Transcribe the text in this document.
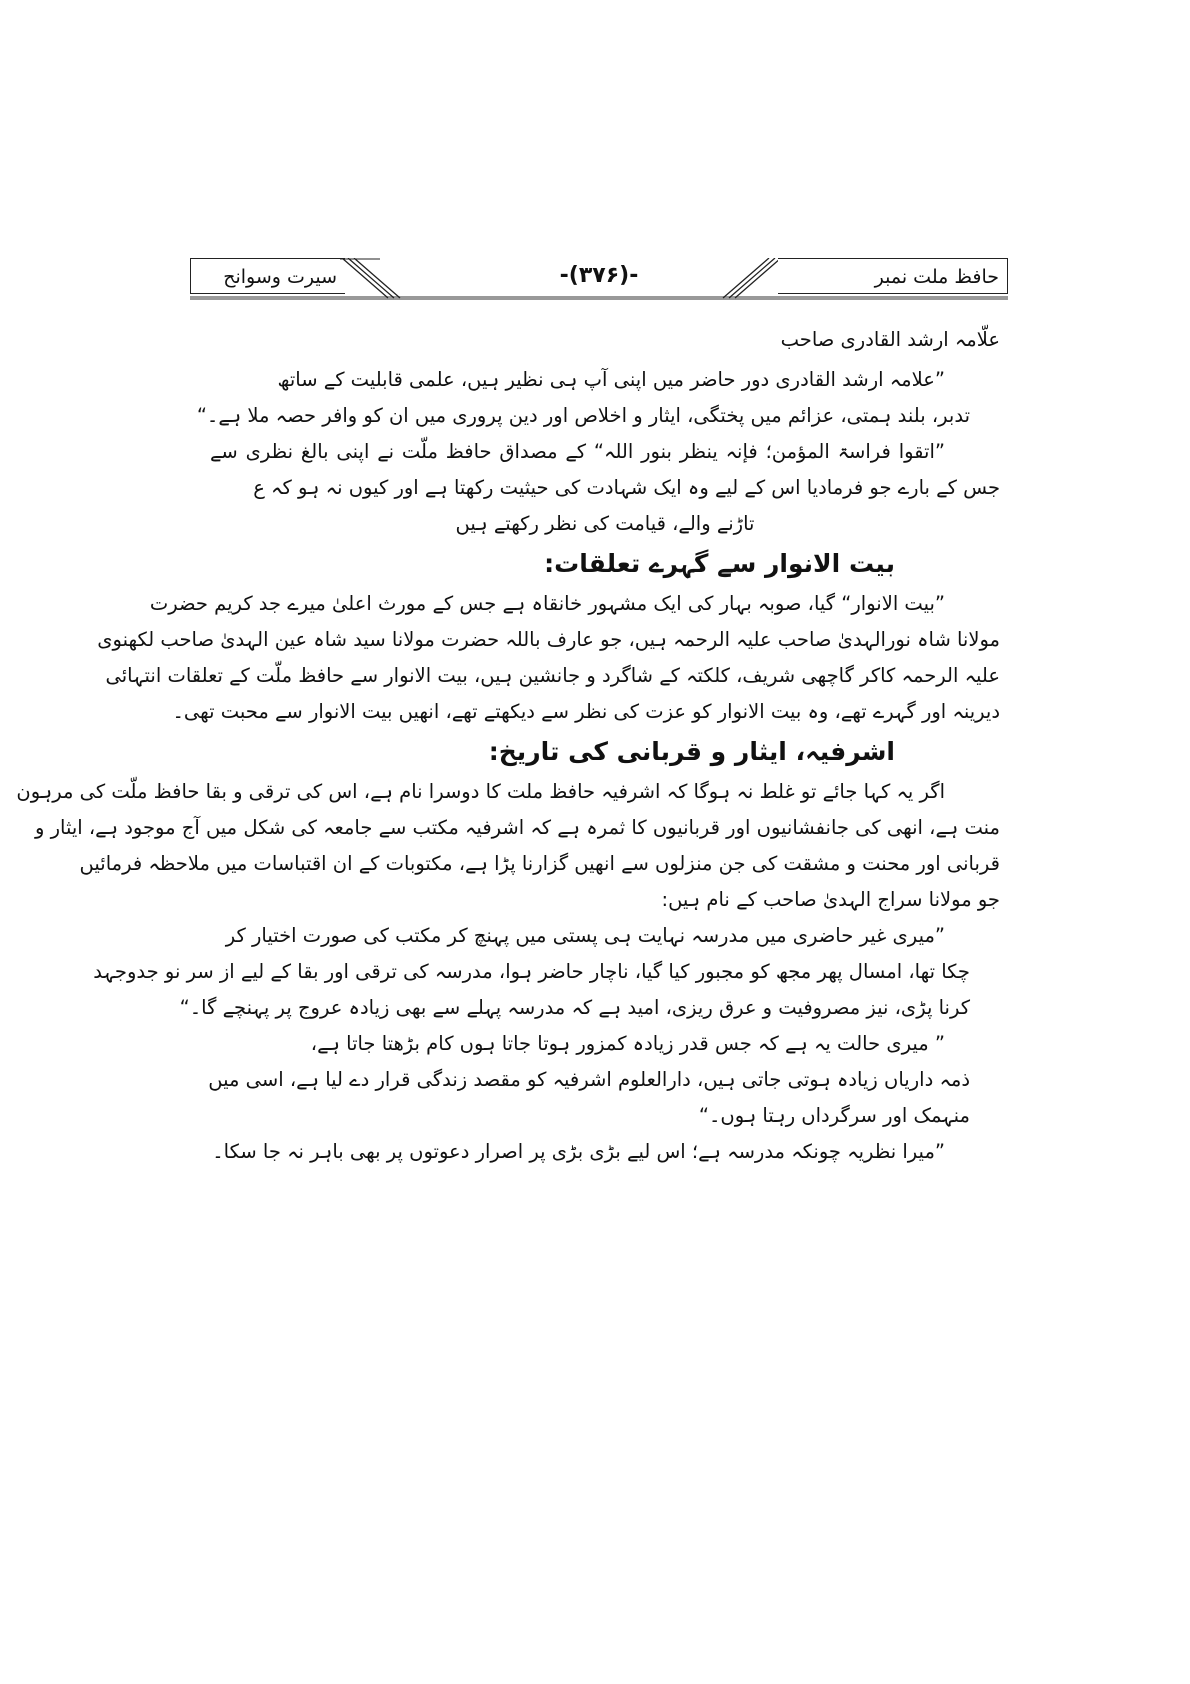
سیرت وسوانح	-(۳۷۶)-	حافظ ملت نمبر
علّامہ ارشد القادری صاحب
”علامہ ارشد القادری دور حاضر میں اپنی آپ ہی نظیر ہیں، علمی قابلیت کے ساتھ
تدبر، بلند ہمتی، عزائم میں پختگی، ایثار و اخلاص اور دین پروری میں ان کو وافر حصہ ملا ہے۔“
”اتقوا فراسۃ المؤمن؛ فإنہ ینظر بنور اللہ“ کے مصداق حافظ ملّت نے اپنی بالغ نظری سے
جس کے بارے جو فرمادیا اس کے لیے وہ ایک شہادت کی حیثیت رکھتا ہے اور کیوں نہ ہو کہ ع
تاڑنے والے، قیامت کی نظر رکھتے ہیں
بیت الانوار سے گہرے تعلقات:
”بیت الانوار“ گیا، صوبہ بہار کی ایک مشہور خانقاہ ہے جس کے مورث اعلیٰ میرے جد کریم حضرت
مولانا شاہ نورالہدیٰ صاحب علیہ الرحمہ ہیں، جو عارف باللہ حضرت مولانا سید شاہ عین الہدیٰ صاحب لکھنوی
علیہ الرحمہ کاکر گاچھی شریف، کلکتہ کے شاگرد و جانشین ہیں، بیت الانوار سے حافظ ملّت کے تعلقات انتہائی
دیرینہ اور گہرے تھے، وہ بیت الانوار کو عزت کی نظر سے دیکھتے تھے، انھیں بیت الانوار سے محبت تھی۔
اشرفیہ، ایثار و قربانی کی تاریخ:
اگر یہ کہا جائے تو غلط نہ ہوگا کہ اشرفیہ حافظ ملت کا دوسرا نام ہے، اس کی ترقی و بقا حافظ ملّت کی مرہون
منت ہے، انھی کی جانفشانیوں اور قربانیوں کا ثمرہ ہے کہ اشرفیہ مکتب سے جامعہ کی شکل میں آج موجود ہے، ایثار و
قربانی اور محنت و مشقت کی جن منزلوں سے انھیں گزارنا پڑا ہے، مکتوبات کے ان اقتباسات میں ملاحظہ فرمائیں
جو مولانا سراج الہدیٰ صاحب کے نام ہیں:
”میری غیر حاضری میں مدرسہ نہایت ہی پستی میں پہنچ کر مکتب کی صورت اختیار کر
چکا تھا، امسال پھر مجھ کو مجبور کیا گیا، ناچار حاضر ہوا، مدرسہ کی ترقی اور بقا کے لیے از سر نو جدوجہد
کرنا پڑی، نیز مصروفیت و عرق ریزی، امید ہے کہ مدرسہ پہلے سے بھی زیادہ عروج پر پہنچے گا۔“
” میری حالت یہ ہے کہ جس قدر زیادہ کمزور ہوتا جاتا ہوں کام بڑھتا جاتا ہے،
ذمہ داریاں زیادہ ہوتی جاتی ہیں، دارالعلوم اشرفیہ کو مقصد زندگی قرار دے لیا ہے، اسی میں
منہمک اور سرگرداں رہتا ہوں۔“
”میرا نظریہ چونکہ مدرسہ ہے؛ اس لیے بڑی بڑی پر اصرار دعوتوں پر بھی باہر نہ جا سکا۔
